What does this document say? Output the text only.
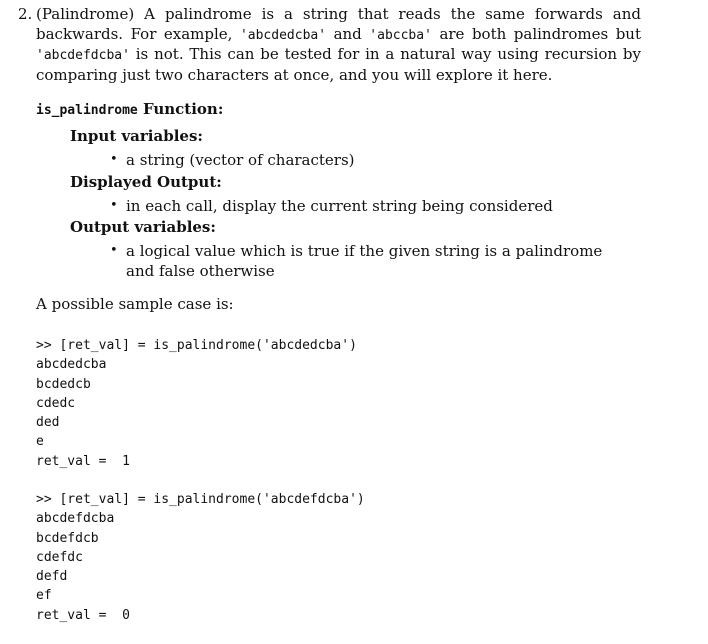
2. (Palindrome) A palindrome is a string that reads the same forwards and backwards. For example, 'abcdedcba' and 'abccba' are both palindromes but 'abcdefdcba' is not. This can be tested for in a natural way using recursion by comparing just two characters at once, and you will explore it here.
is_palindrome Function:
Input variables:
• a string (vector of characters)
Displayed Output:
• in each call, display the current string being considered
Output variables:
• a logical value which is true if the given string is a palindrome and false otherwise
A possible sample case is:
>> [ret_val] = is_palindrome('abcdedcba')
abcdedcba
bcdedcb
cdedc
ded
e
ret_val =  1
>> [ret_val] = is_palindrome('abcdefdcba')
abcdefdcba
bcdefdcb
cdefdc
defd
ef
ret_val =  0
